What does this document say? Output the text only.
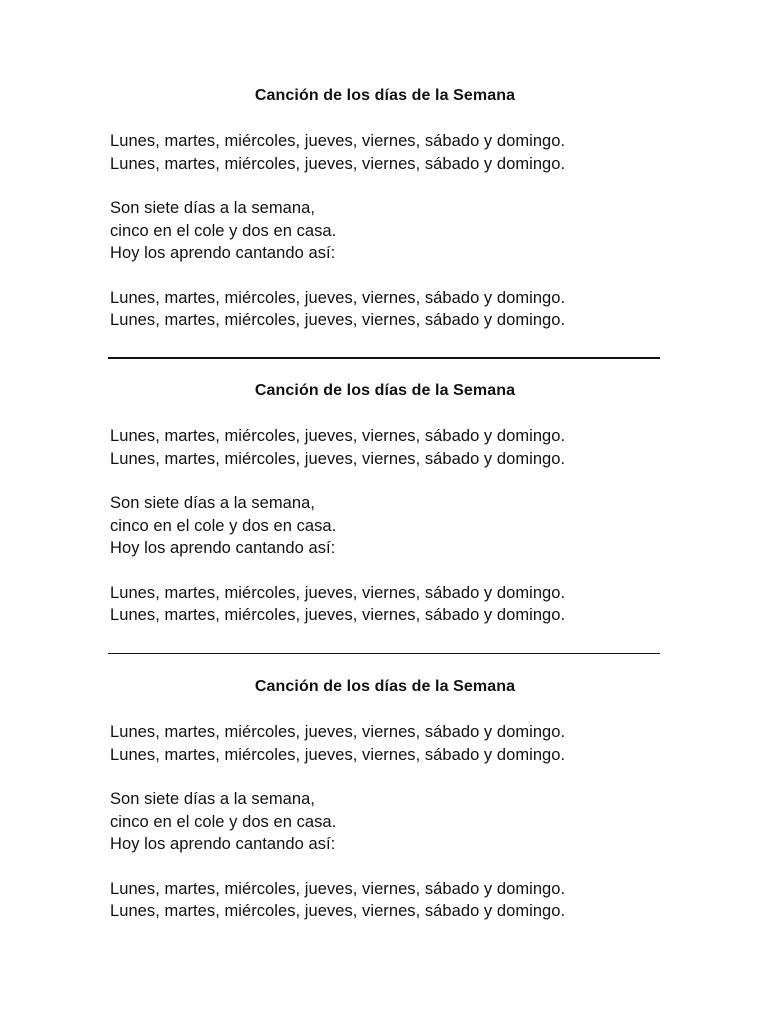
Canción de los días de la Semana
Lunes, martes, miércoles, jueves, viernes, sábado y domingo.
Lunes, martes, miércoles, jueves, viernes, sábado y domingo.
Son siete días a la semana,
cinco en el cole y dos en casa.
Hoy los aprendo cantando así:
Lunes, martes, miércoles, jueves, viernes, sábado y domingo.
Lunes, martes, miércoles, jueves, viernes, sábado y domingo.
Canción de los días de la Semana
Lunes, martes, miércoles, jueves, viernes, sábado y domingo.
Lunes, martes, miércoles, jueves, viernes, sábado y domingo.
Son siete días a la semana,
cinco en el cole y dos en casa.
Hoy los aprendo cantando así:
Lunes, martes, miércoles, jueves, viernes, sábado y domingo.
Lunes, martes, miércoles, jueves, viernes, sábado y domingo.
Canción de los días de la Semana
Lunes, martes, miércoles, jueves, viernes, sábado y domingo.
Lunes, martes, miércoles, jueves, viernes, sábado y domingo.
Son siete días a la semana,
cinco en el cole y dos en casa.
Hoy los aprendo cantando así:
Lunes, martes, miércoles, jueves, viernes, sábado y domingo.
Lunes, martes, miércoles, jueves, viernes, sábado y domingo.
